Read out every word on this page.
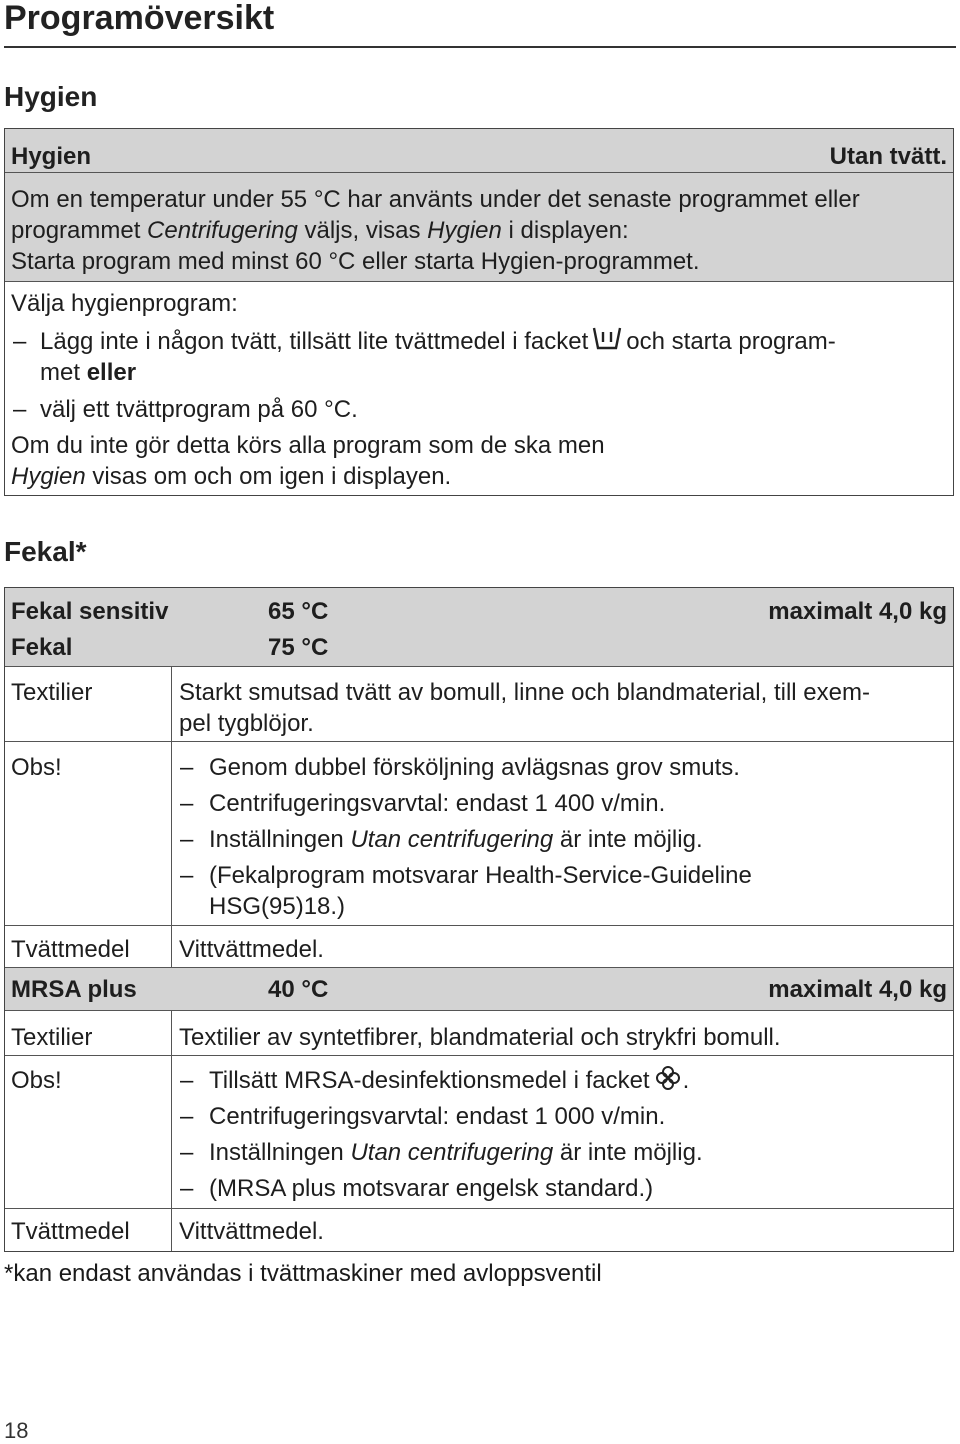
Programöversikt
Hygien
Hygien	Utan tvätt.
Om en temperatur under 55 °C har använts under det senaste programmet eller
programmet Centrifugering väljs, visas Hygien i displayen:
Starta program med minst 60 °C eller starta Hygien-programmet.
Välja hygienprogram:
– Lägg inte i någon tvätt, tillsätt lite tvättmedel i facket och starta program-
met eller
– välj ett tvättprogram på 60 °C.
Om du inte gör detta körs alla program som de ska men
Hygien visas om och om igen i displayen.
Fekal*
Fekal sensitiv	65 °C	maximalt 4,0 kg
Fekal	75 °C
Textilier	Starkt smutsad tvätt av bomull, linne och blandmaterial, till exem-
pel tygblöjor.
Obs!	– Genom dubbel försköljning avlägsnas grov smuts.
– Centrifugeringsvarvtal: endast 1 400 v/min.
– Inställningen Utan centrifugering är inte möjlig.
– (Fekalprogram motsvarar Health-Service-Guideline
HSG(95)18.)
Tvättmedel Vittvättmedel.
MRSA plus	40 °C	maximalt 4,0 kg
Textilier	Textilier av syntetfibrer, blandmaterial och strykfri bomull.
Obs!	– Tillsätt MRSA-desinfektionsmedel i facket .
– Centrifugeringsvarvtal: endast 1 000 v/min.
– Inställningen Utan centrifugering är inte möjlig.
– (MRSA plus motsvarar engelsk standard.)
Tvättmedel Vittvättmedel.
*kan endast användas i tvättmaskiner med avloppsventil
18
